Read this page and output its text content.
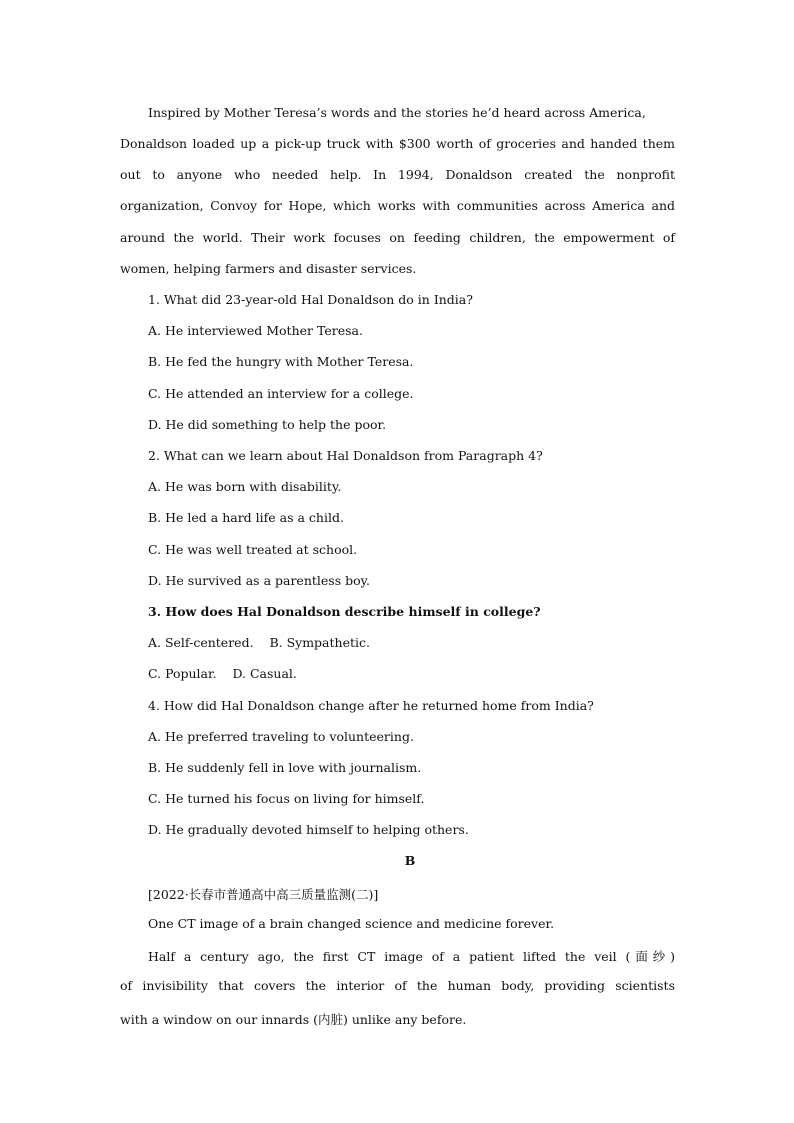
Inspired by Mother Teresa’s words and the stories he’d heard across America,
Donaldson loaded up a pick-up truck with $300 worth of groceries and handed them
out to anyone who needed help. In 1994, Donaldson created the nonprofit
organization, Convoy for Hope, which works with communities across America and
around the world. Their work focuses on feeding children, the empowerment of
women, helping farmers and disaster services.
1. What did 23-year-old Hal Donaldson do in India?
A. He interviewed Mother Teresa.
B. He fed the hungry with Mother Teresa.
C. He attended an interview for a college.
D. He did something to help the poor.
2. What can we learn about Hal Donaldson from Paragraph 4?
A. He was born with disability.
B. He led a hard life as a child.
C. He was well treated at school.
D. He survived as a parentless boy.
3. How does Hal Donaldson describe himself in college?
A. Self-centered.    B. Sympathetic.
C. Popular.    D. Casual.
4. How did Hal Donaldson change after he returned home from India?
A. He preferred traveling to volunteering.
B. He suddenly fell in love with journalism.
C. He turned his focus on living for himself.
D. He gradually devoted himself to helping others.
B
[2022·长春市普通高中高三质量监测(二)]
One CT image of a brain changed science and medicine forever.
Half a century ago, the first CT image of a patient lifted the veil (面纱)
of invisibility that covers the interior of the human body, providing scientists
with a window on our innards (内脏) unlike any before.
